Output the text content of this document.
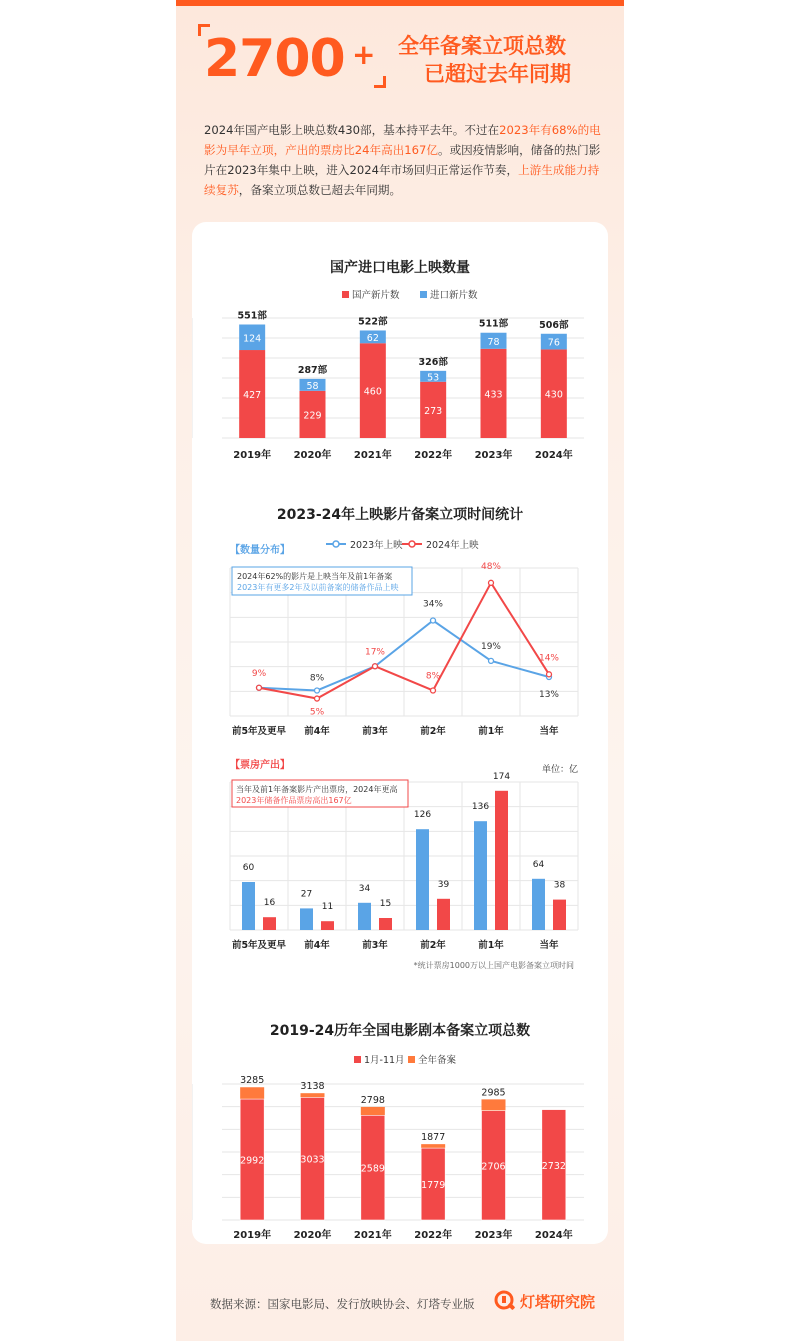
2700 + 全年备案立项总数
已超过去年同期
2024年国产电影上映总数430部，基本持平去年。不过在2023年有68%的电影为早年立项，产出的票房比24年高出167亿。或因疫情影响，储备的热门影片在2023年集中上映，进入2024年市场回归正常运作节奏，上游生成能力持续复苏，备案立项总数已超去年同期。
国产进口电影上映数量
国产新片数	进口新片数
427
124
551部
2019年
229
58
287部
2020年
460
62
522部
2021年
273
53
326部
2022年
433
78
511部
2023年
430
76
506部
2024年
2023-24年上映影片备案立项时间统计
【数量分布】	2023年上映 2024年上映
2024年62%的影片是上映当年及前1年备案
2023年有更多2年及以前备案的储备作品上映
8%
34%
19%
13%
9%
5%
17%
8%
48%
14%
前5年及更早 前4年	前3年	前2年	前1年	当年
【票房产出】	单位：亿
当年及前1年备案影片产出票房，2024年更高
2023年储备作品票房高出167亿
60
16
前5年及更早
27
11
前4年
34
15
前3年
126
39
前2年
136
174
前1年
64
38
当年
*统计票房1000万以上国产电影备案立项时间
2019-24历年全国电影剧本备案立项总数
1月-11月 全年备案
2992
3285
2019年
3033
3138
2020年
2589
2798
2021年
1779
1877
2022年
2706
2985
2023年
2732
2024年
数据来源：国家电影局、发行放映协会、灯塔专业版	灯塔研究院
